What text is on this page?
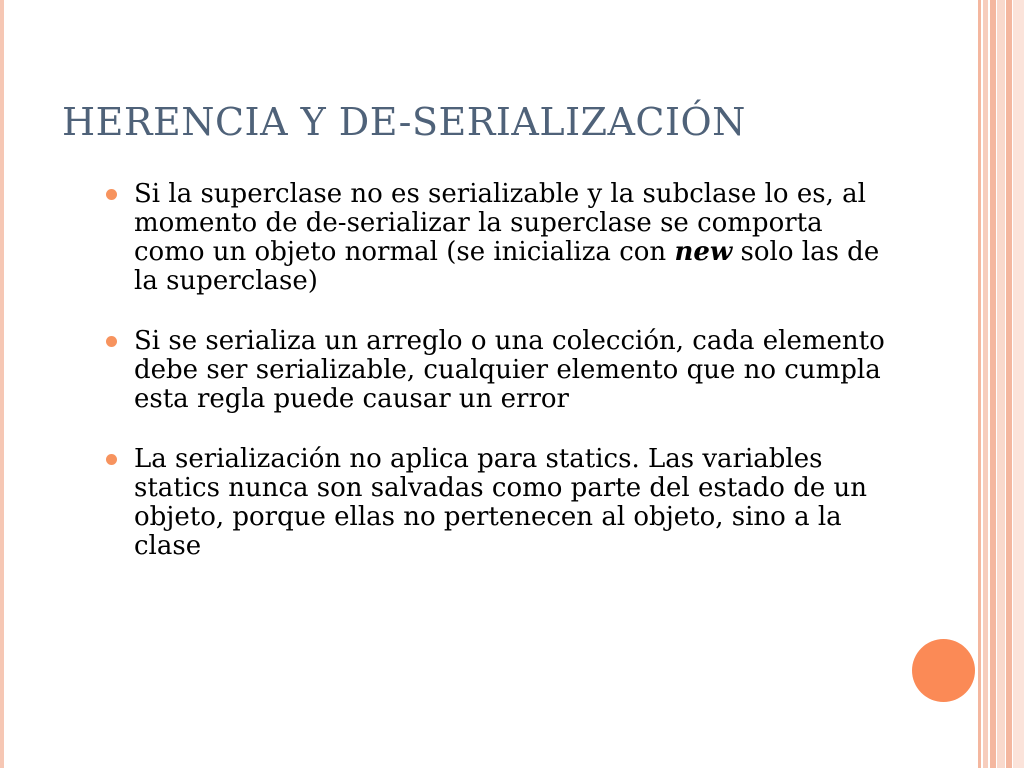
HERENCIA Y DE-SERIALIZACIÓN
Si la superclase no es serializable y la subclase lo es, al momento de de-serializar la superclase se comporta como un objeto normal (se inicializa con new solo las de la superclase)
Si se serializa un arreglo o una colección, cada elemento debe ser serializable, cualquier elemento que no cumpla esta regla puede causar un error
La serialización no aplica para statics. Las variables statics nunca son salvadas como parte del estado de un objeto, porque ellas no pertenecen al objeto, sino a la clase
